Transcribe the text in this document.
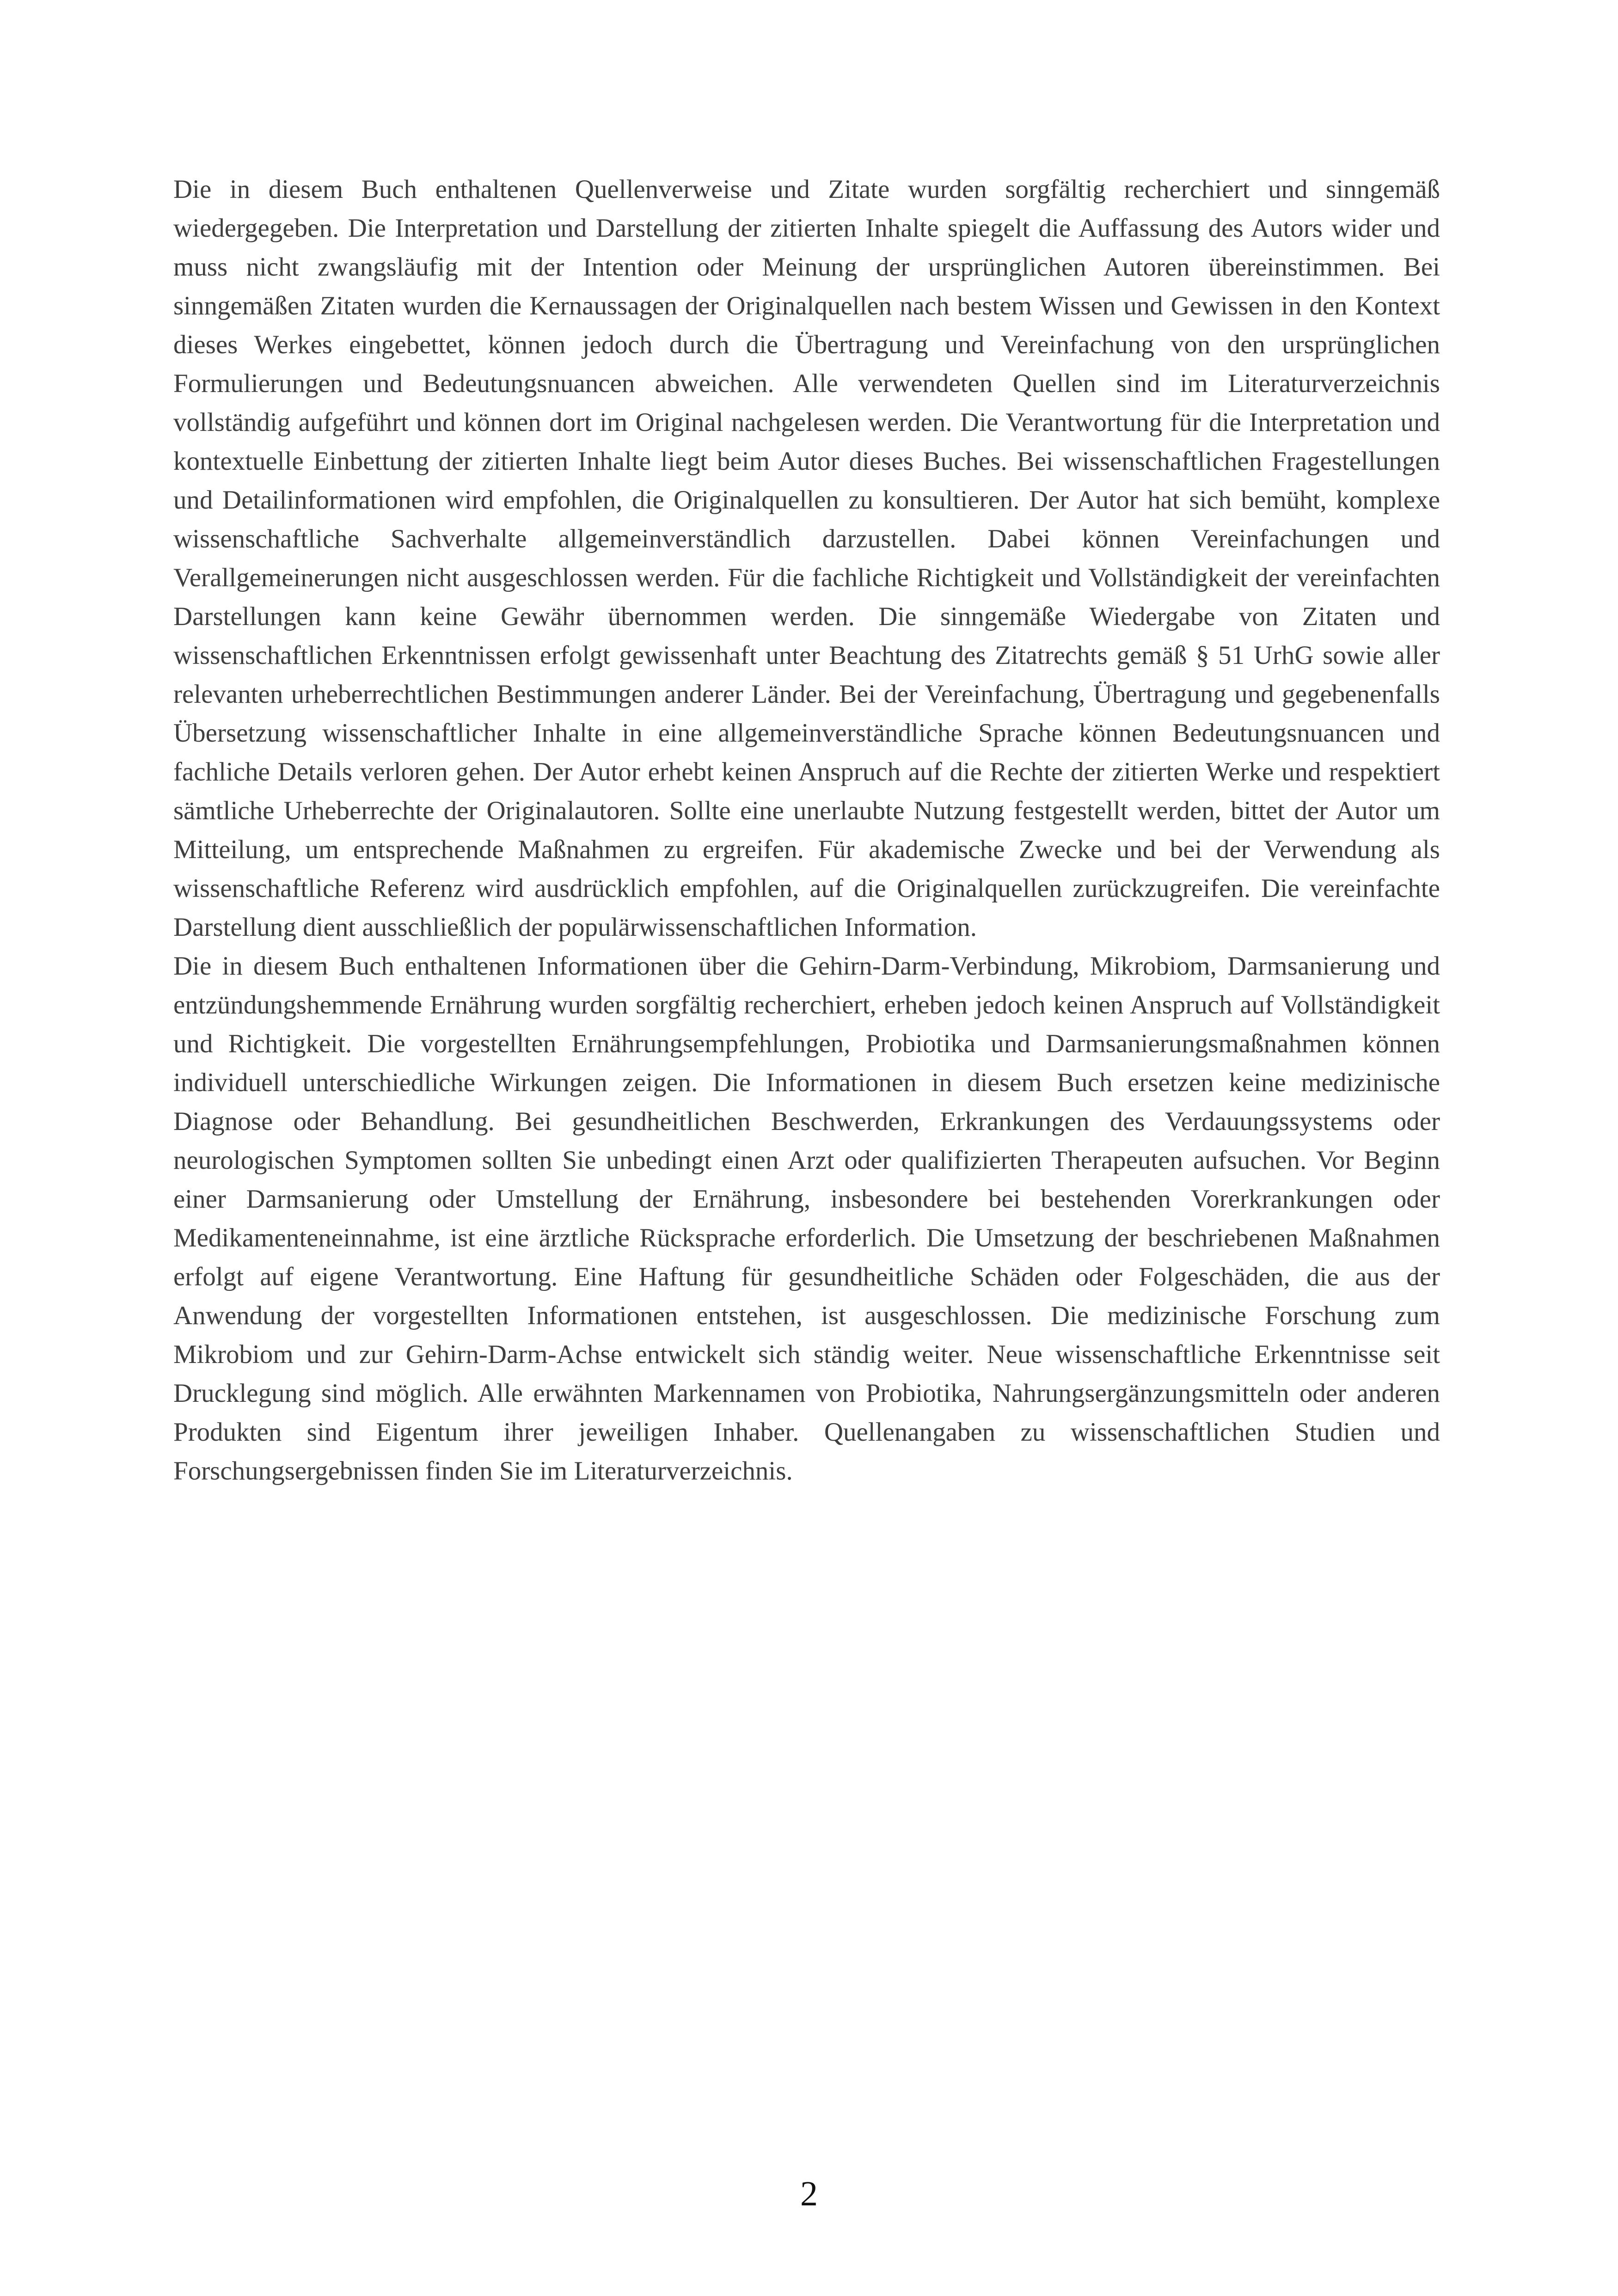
Die in diesem Buch enthaltenen Quellenverweise und Zitate wurden sorgfältig recherchiert und sinngemäß wiedergegeben. Die Interpretation und Darstellung der zitierten Inhalte spiegelt die Auffassung des Autors wider und muss nicht zwangsläufig mit der Intention oder Meinung der ursprünglichen Autoren übereinstimmen. Bei sinngemäßen Zitaten wurden die Kernaussagen der Originalquellen nach bestem Wissen und Gewissen in den Kontext dieses Werkes eingebettet, können jedoch durch die Übertragung und Vereinfachung von den ursprünglichen Formulierungen und Bedeutungsnuancen abweichen. Alle verwendeten Quellen sind im Literaturverzeichnis vollständig aufgeführt und können dort im Original nachgelesen werden. Die Verantwortung für die Interpretation und kontextuelle Einbettung der zitierten Inhalte liegt beim Autor dieses Buches. Bei wissenschaftlichen Fragestellungen und Detailinformationen wird empfohlen, die Originalquellen zu konsultieren. Der Autor hat sich bemüht, komplexe wissenschaftliche Sachverhalte allgemeinverständlich darzustellen. Dabei können Vereinfachungen und Verallgemeinerungen nicht ausgeschlossen werden. Für die fachliche Richtigkeit und Vollständigkeit der vereinfachten Darstellungen kann keine Gewähr übernommen werden. Die sinngemäße Wiedergabe von Zitaten und wissenschaftlichen Erkenntnissen erfolgt gewissenhaft unter Beachtung des Zitatrechts gemäß § 51 UrhG sowie aller relevanten urheberrechtlichen Bestimmungen anderer Länder. Bei der Vereinfachung, Übertragung und gegebenenfalls Übersetzung wissenschaftlicher Inhalte in eine allgemeinverständliche Sprache können Bedeutungsnuancen und fachliche Details verloren gehen. Der Autor erhebt keinen Anspruch auf die Rechte der zitierten Werke und respektiert sämtliche Urheberrechte der Originalautoren. Sollte eine unerlaubte Nutzung festgestellt werden, bittet der Autor um Mitteilung, um entsprechende Maßnahmen zu ergreifen. Für akademische Zwecke und bei der Verwendung als wissenschaftliche Referenz wird ausdrücklich empfohlen, auf die Originalquellen zurückzugreifen. Die vereinfachte Darstellung dient ausschließlich der populärwissenschaftlichen Information.

Die in diesem Buch enthaltenen Informationen über die Gehirn-Darm-Verbindung, Mikrobiom, Darmsanierung und entzündungshemmende Ernährung wurden sorgfältig recherchiert, erheben jedoch keinen Anspruch auf Vollständigkeit und Richtigkeit. Die vorgestellten Ernährungsempfehlungen, Probiotika und Darmsanierungsmaßnahmen können individuell unterschiedliche Wirkungen zeigen. Die Informationen in diesem Buch ersetzen keine medizinische Diagnose oder Behandlung. Bei gesundheitlichen Beschwerden, Erkrankungen des Verdauungssystems oder neurologischen Symptomen sollten Sie unbedingt einen Arzt oder qualifizierten Therapeuten aufsuchen. Vor Beginn einer Darmsanierung oder Umstellung der Ernährung, insbesondere bei bestehenden Vorerkrankungen oder Medikamenteneinnahme, ist eine ärztliche Rücksprache erforderlich. Die Umsetzung der beschriebenen Maßnahmen erfolgt auf eigene Verantwortung. Eine Haftung für gesundheitliche Schäden oder Folgeschäden, die aus der Anwendung der vorgestellten Informationen entstehen, ist ausgeschlossen. Die medizinische Forschung zum Mikrobiom und zur Gehirn-Darm-Achse entwickelt sich ständig weiter. Neue wissenschaftliche Erkenntnisse seit Drucklegung sind möglich. Alle erwähnten Markennamen von Probiotika, Nahrungsergänzungsmitteln oder anderen Produkten sind Eigentum ihrer jeweiligen Inhaber. Quellenangaben zu wissenschaftlichen Studien und Forschungsergebnissen finden Sie im Literaturverzeichnis.

2
